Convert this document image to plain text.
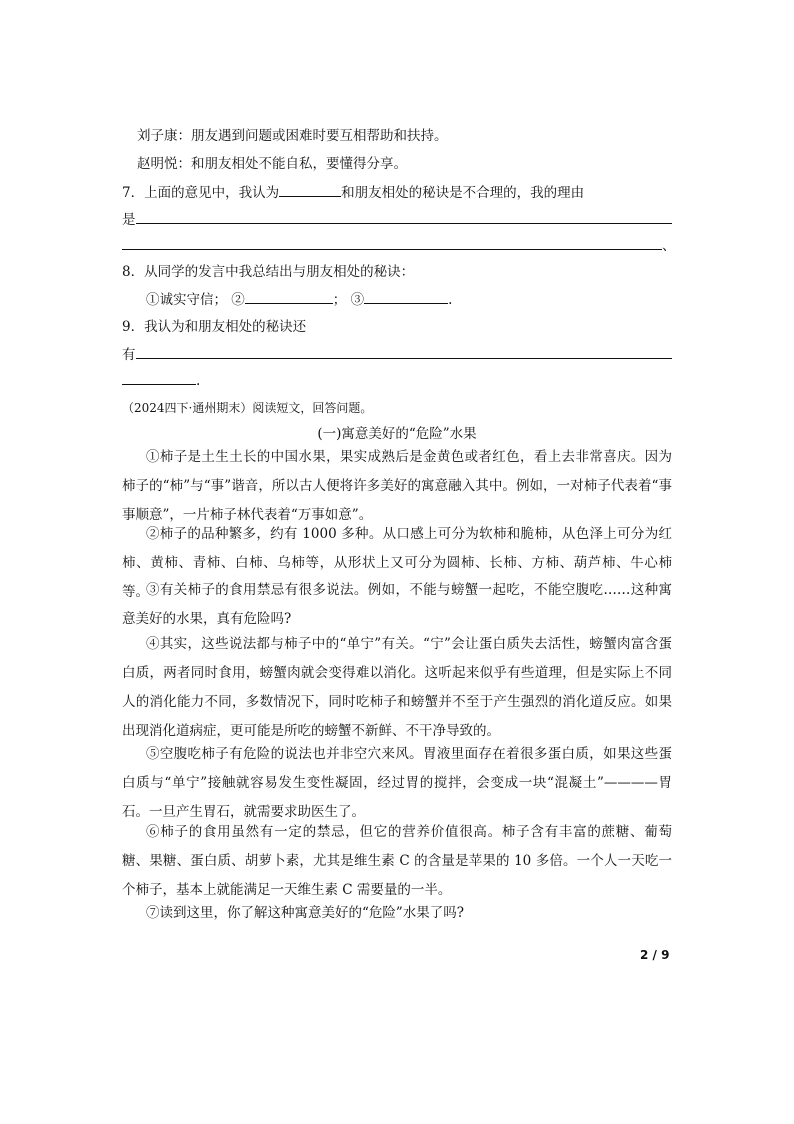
刘子康：朋友遇到问题或困难时要互相帮助和扶持。
赵明悦：和朋友相处不能自私，要懂得分享。
7．上面的意见中，我认为	和朋友相处的秘诀是不合理的，我的理由
是
、
8．从同学的发言中我总结出与朋友相处的秘诀：
①诚实守信； ②	； ③	.
9．我认为和朋友相处的秘诀还
有
.
（2024四下·通州期末）阅读短文，回答问题。
(一)寓意美好的“危险”水果
①柿子是土生土长的中国水果，果实成熟后是金黄色或者红色，看上去非常喜庆。因为柿子的“柿”与“事”谐音，所以古人便将许多美好的寓意融入其中。例如，一对柿子代表着“事事顺意”，一片柿子林代表着“万事如意”。
②柿子的品种繁多，约有 1000 多种。从口感上可分为软柿和脆柿，从色泽上可分为红柿、黄柿、青柿、白柿、乌柿等，从形状上又可分为圆柿、长柿、方柿、葫芦柿、牛心柿等。
③有关柿子的食用禁忌有很多说法。例如，不能与螃蟹一起吃，不能空腹吃……这种寓意美好的水果，真有危险吗?
④其实，这些说法都与柿子中的“单宁”有关。“宁”会让蛋白质失去活性，螃蟹肉富含蛋白质，两者同时食用，螃蟹肉就会变得难以消化。这听起来似乎有些道理，但是实际上不同人的消化能力不同，多数情况下，同时吃柿子和螃蟹并不至于产生强烈的消化道反应。如果出现消化道病症，更可能是所吃的螃蟹不新鲜、不干净导致的。
⑤空腹吃柿子有危险的说法也并非空穴来风。胃液里面存在着很多蛋白质，如果这些蛋白质与“单宁”接触就容易发生变性凝固，经过胃的搅拌，会变成一块“混凝土”————胃石。一旦产生胃石，就需要求助医生了。
⑥柿子的食用虽然有一定的禁忌，但它的营养价值很高。柿子含有丰富的蔗糖、葡萄糖、果糖、蛋白质、胡萝卜素，尤其是维生素 C 的含量是苹果的 10 多倍。一个人一天吃一个柿子，基本上就能满足一天维生素 C 需要量的一半。
⑦读到这里，你了解这种寓意美好的“危险”水果了吗?
2 / 9
